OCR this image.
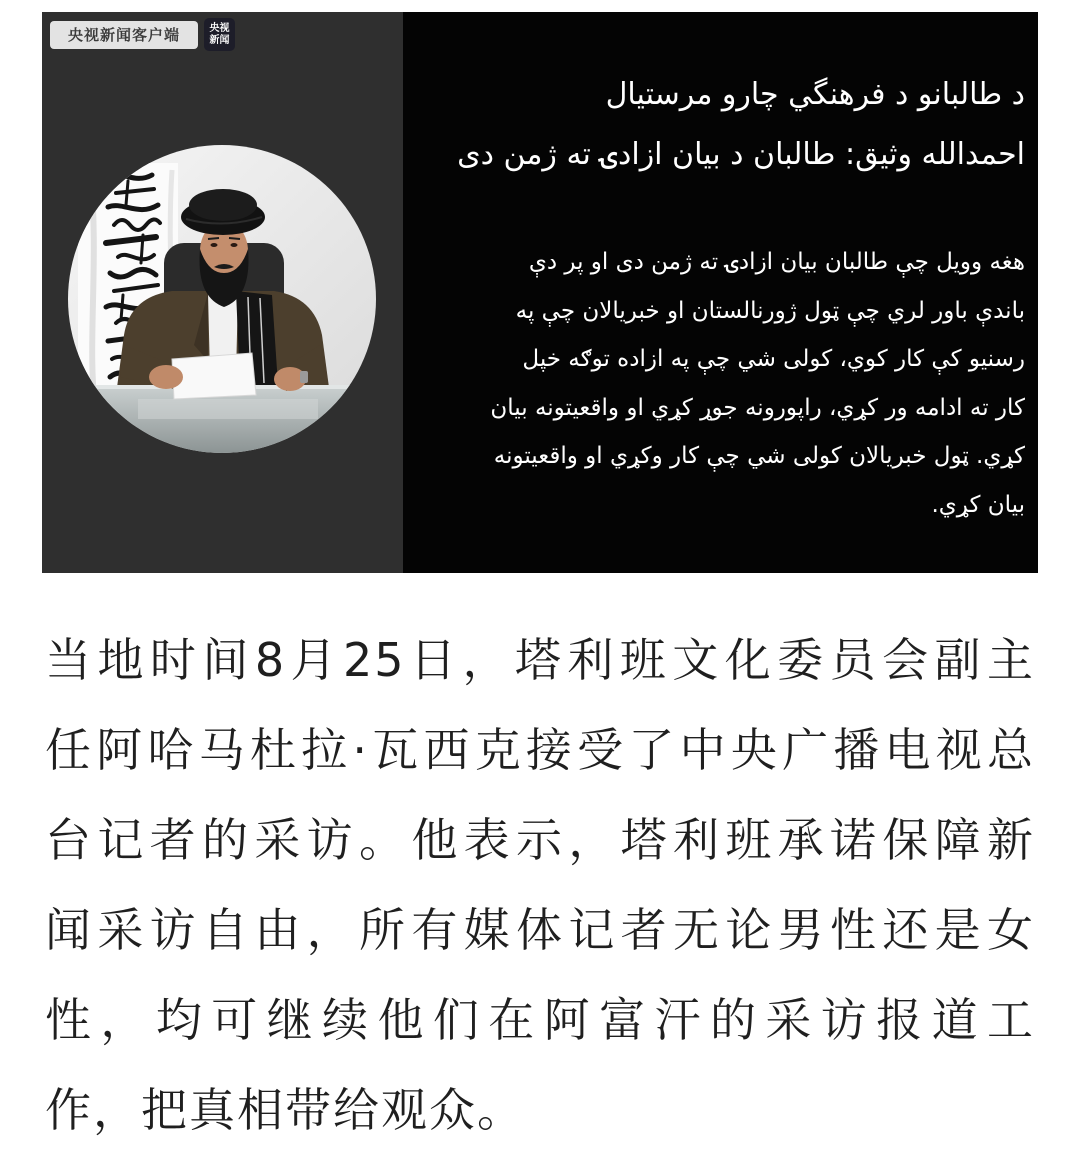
央视新闻客户端	央视
新闻
د طالبانو د فرهنگي چارو مرستیال
احمدالله وثیق: طالبان د بیان ازادۍ ته ژمن دی
هغه وویل چې طالبان بیان ازادۍ ته ژمن دی او پر دې
باندې باور لري چې ټول ژورنالستان او خبریالان چې په
رسنیو کې کار کوي، کولی شي چې په ازاده توګه خپل
کار ته ادامه ور کړي، راپورونه جوړ کړي او واقعیتونه بیان
کړي. ټول خبریالان کولی شي چې کار وکړي او واقعیتونه
بیان کړي.
当地时间8月25日，塔利班文化委员会副主
任阿哈马杜拉·瓦西克接受了中央广播电视总
台记者的采访。他表示，塔利班承诺保障新
闻采访自由，所有媒体记者无论男性还是女
性，均可继续他们在阿富汗的采访报道工
作，把真相带给观众。
